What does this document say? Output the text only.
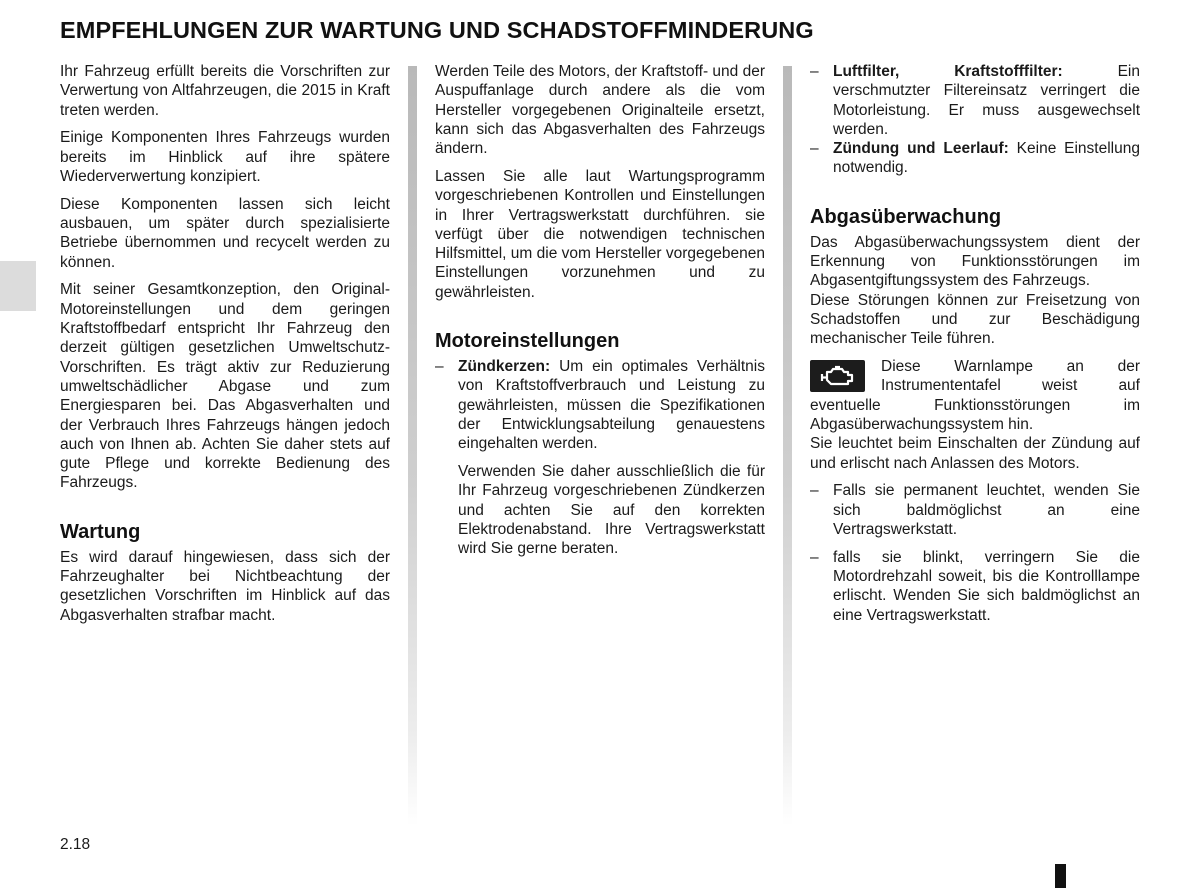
EMPFEHLUNGEN ZUR WARTUNG UND SCHADSTOFFMINDERUNG

Ihr Fahrzeug erfüllt bereits die Vorschriften zur Verwertung von Altfahrzeugen, die 2015 in Kraft treten werden.

Einige Komponenten Ihres Fahrzeugs wurden bereits im Hinblick auf ihre spätere Wiederverwertung konzipiert.

Diese Komponenten lassen sich leicht ausbauen, um später durch spezialisierte Betriebe übernommen und recycelt werden zu können.

Mit seiner Gesamtkonzeption, den Original-Motoreinstellungen und dem geringen Kraftstoffbedarf entspricht Ihr Fahrzeug den derzeit gültigen gesetzlichen Umweltschutz-Vorschriften. Es trägt aktiv zur Reduzierung umweltschädlicher Abgase und zum Energiesparen bei. Das Abgasverhalten und der Verbrauch Ihres Fahrzeugs hängen jedoch auch von Ihnen ab. Achten Sie daher stets auf gute Pflege und korrekte Bedienung des Fahrzeugs.

Wartung

Es wird darauf hingewiesen, dass sich der Fahrzeughalter bei Nichtbeachtung der gesetzlichen Vorschriften im Hinblick auf das Abgasverhalten strafbar macht.

Werden Teile des Motors, der Kraftstoff- und der Auspuffanlage durch andere als die vom Hersteller vorgegebenen Originalteile ersetzt, kann sich das Abgasverhalten des Fahrzeugs ändern.

Lassen Sie alle laut Wartungsprogramm vorgeschriebenen Kontrollen und Einstellungen in Ihrer Vertragswerkstatt durchführen. sie verfügt über die notwendigen technischen Hilfsmittel, um die vom Hersteller vorgegebenen Einstellungen vorzunehmen und zu gewährleisten.

Motoreinstellungen
– Zündkerzen: Um ein optimales Verhältnis von Kraftstoffverbrauch und Leistung zu gewährleisten, müssen die Spezifikationen der Entwicklungsabteilung genauestens eingehalten werden.
Verwenden Sie daher ausschließlich die für Ihr Fahrzeug vorgeschriebenen Zündkerzen und achten Sie auf den korrekten Elektrodenabstand. Ihre Vertragswerkstatt wird Sie gerne beraten.
– Luftfilter, Kraftstofffilter: Ein verschmutzter Filtereinsatz verringert die Motorleistung. Er muss ausgewechselt werden.
– Zündung und Leerlauf: Keine Einstellung notwendig.
Abgasüberwachung

Das Abgasüberwachungssystem dient der Erkennung von Funktionsstörungen im Abgasentgiftungssystem des Fahrzeugs.

Diese Störungen können zur Freisetzung von Schadstoffen und zur Beschädigung mechanischer Teile führen.

Diese Warnlampe an der Instrumententafel weist auf eventuelle Funktionsstörungen im Abgasüberwachungssystem hin.

Sie leuchtet beim Einschalten der Zündung auf und erlischt nach Anlassen des Motors.

– Falls sie permanent leuchtet, wenden Sie sich baldmöglichst an eine Vertragswerkstatt.
– falls sie blinkt, verringern Sie die Motordrehzahl soweit, bis die Kontrolllampe erlischt. Wenden Sie sich baldmöglichst an eine Vertragswerkstatt.
2.18
